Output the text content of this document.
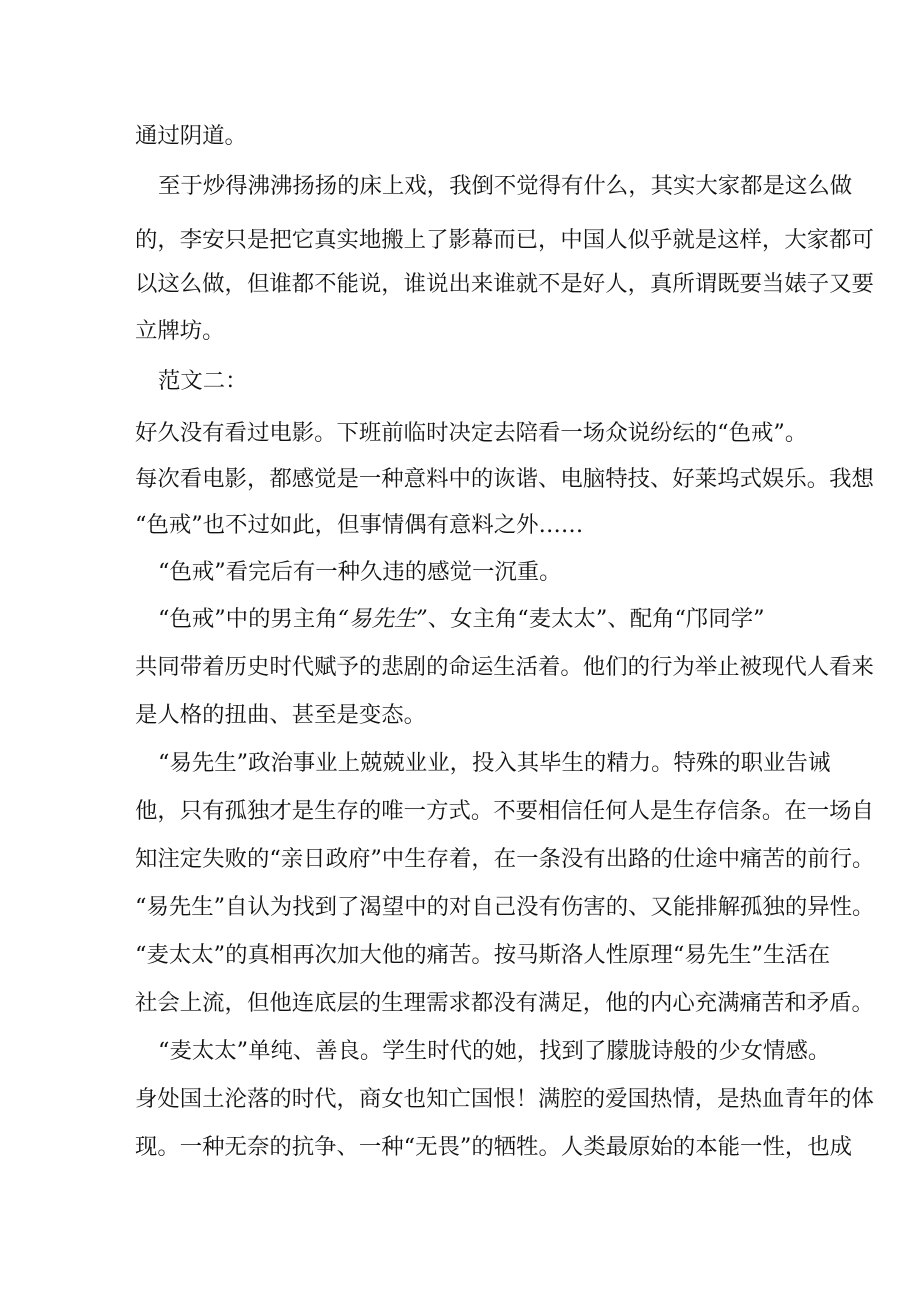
通过阴道。
至于炒得沸沸扬扬的床上戏，我倒不觉得有什么，其实大家都是这么做
的，李安只是把它真实地搬上了影幕而已，中国人似乎就是这样，大家都可
以这么做，但谁都不能说，谁说出来谁就不是好人，真所谓既要当婊子又要
立牌坊。
范文二：
好久没有看过电影。下班前临时决定去陪看一场众说纷纭的“色戒”。
每次看电影，都感觉是一种意料中的诙谐、电脑特技、好莱坞式娱乐。我想
“色戒”也不过如此，但事情偶有意料之外……
“色戒”看完后有一种久违的感觉一沉重。
“色戒”中的男主角“易先生”、女主角“麦太太”、配角“邝同学”
共同带着历史时代赋予的悲剧的命运生活着。他们的行为举止被现代人看来
是人格的扭曲、甚至是变态。
“易先生”政治事业上兢兢业业，投入其毕生的精力。特殊的职业告诫
他，只有孤独才是生存的唯一方式。不要相信任何人是生存信条。在一场自
知注定失败的“亲日政府”中生存着，在一条没有出路的仕途中痛苦的前行。
“易先生”自认为找到了渴望中的对自己没有伤害的、又能排解孤独的异性。
“麦太太”的真相再次加大他的痛苦。按马斯洛人性原理“易先生”生活在
社会上流，但他连底层的生理需求都没有满足，他的内心充满痛苦和矛盾。
“麦太太”单纯、善良。学生时代的她，找到了朦胧诗般的少女情感。
身处国土沦落的时代，商女也知亡国恨！满腔的爱国热情，是热血青年的体
现。一种无奈的抗争、一种“无畏”的牺牲。人类最原始的本能一性，也成
